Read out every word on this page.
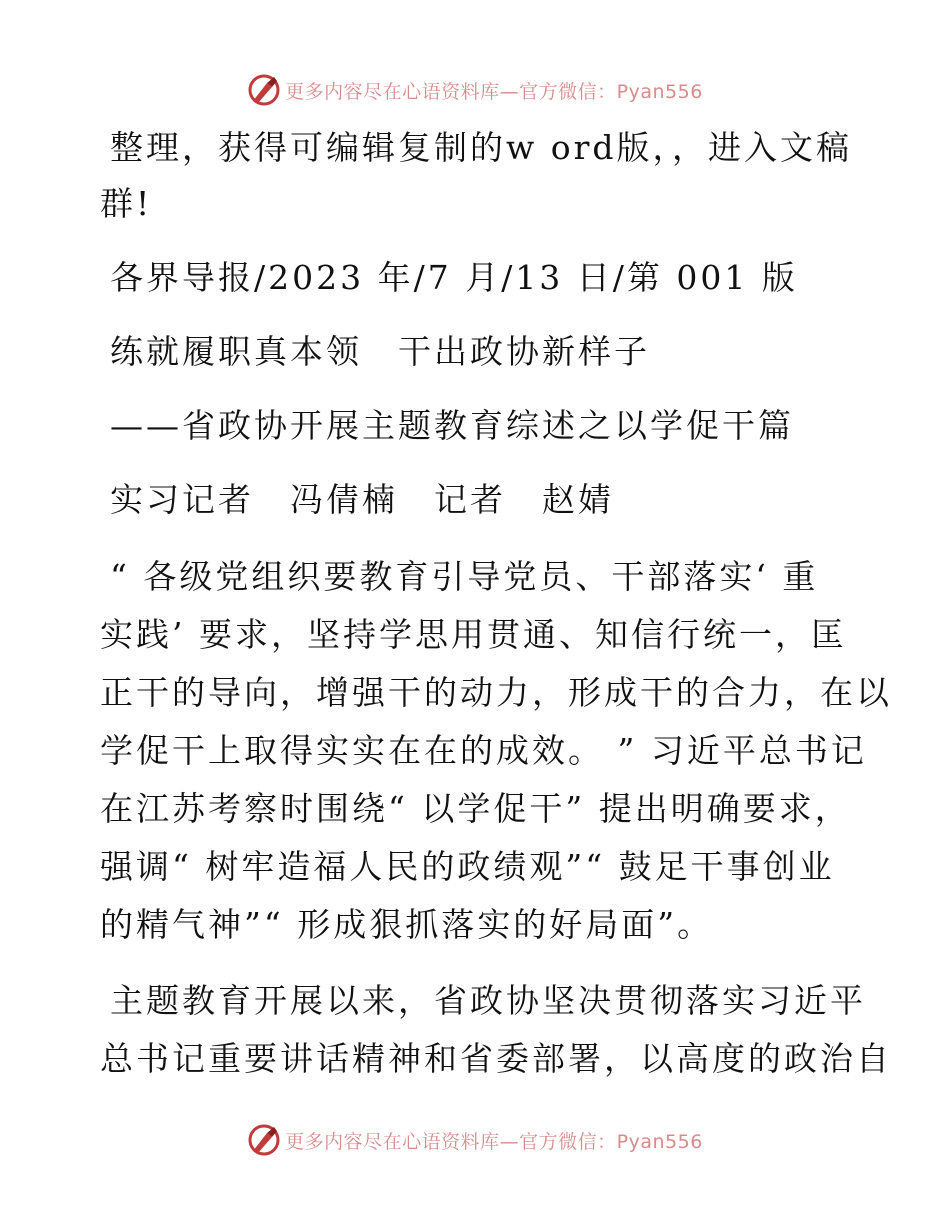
更多内容尽在心语资料库—官方微信：Pyan556
整理，获得可编辑复制的w ord版，，进入文稿
群!
各界导报/2023 年/7 月/13 日/第 001 版
练就履职真本领　干出政协新样子
——省政协开展主题教育综述之以学促干篇
实习记者　冯倩楠　记者　赵婧
“ 各级党组织要教育引导党员、干部落实‘ 重
实践’ 要求，坚持学思用贯通、知信行统一，匡
正干的导向，增强干的动力，形成干的合力，在以
学促干上取得实实在在的成效。 ” 习近平总书记
在江苏考察时围绕“ 以学促干” 提出明确要求，
强调“ 树牢造福人民的政绩观”“ 鼓足干事创业
的精气神”“ 形成狠抓落实的好局面”。
主题教育开展以来，省政协坚决贯彻落实习近平
总书记重要讲话精神和省委部署，以高度的政治自
更多内容尽在心语资料库—官方微信：Pyan556
